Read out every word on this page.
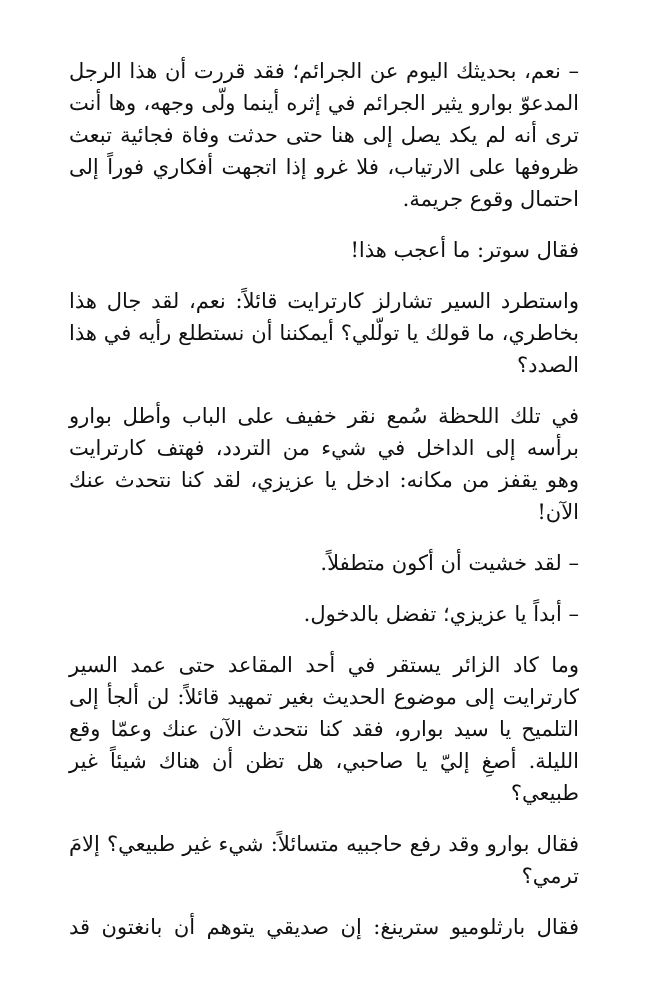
– نعم، بحديثك اليوم عن الجرائم؛ فقد قررت أن هذا الرجل المدعوّ بوارو يثير الجرائم في إثره أينما ولّى وجهه، وها أنت ترى أنه لم يكد يصل إلى هنا حتى حدثت وفاة فجائية تبعث ظروفها على الارتياب، فلا غرو إذا اتجهت أفكاري فوراً إلى احتمال وقوع جريمة.

فقال سوتر: ما أعجب هذا!

واستطرد السير تشارلز كارترايت قائلاً: نعم، لقد جال هذا بخاطري، ما قولك يا تولّلي؟ أيمكننا أن نستطلع رأيه في هذا الصدد؟

في تلك اللحظة سُمع نقر خفيف على الباب وأطل بوارو برأسه إلى الداخل في شيء من التردد، فهتف كارترايت وهو يقفز من مكانه: ادخل يا عزيزي، لقد كنا نتحدث عنك الآن!

– لقد خشيت أن أكون متطفلاً.

– أبداً يا عزيزي؛ تفضل بالدخول.

وما كاد الزائر يستقر في أحد المقاعد حتى عمد السير كارترايت إلى موضوع الحديث بغير تمهيد قائلاً: لن ألجأ إلى التلميح يا سيد بوارو، فقد كنا نتحدث الآن عنك وعمّا وقع الليلة. أصغِ إليّ يا صاحبي، هل تظن أن هناك شيئاً غير طبيعي؟

فقال بوارو وقد رفع حاجبيه متسائلاً: شيء غير طبيعي؟ إلامَ ترمي؟

فقال بارثلوميو سترينغ: إن صديقي يتوهم أن بانغتون قد
